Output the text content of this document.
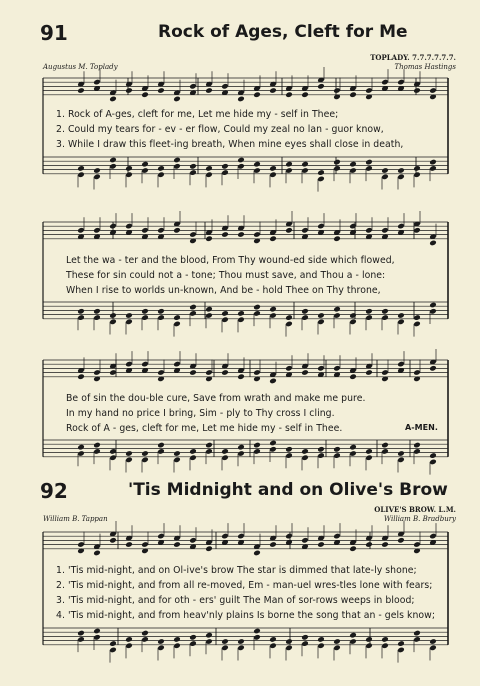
91	Rock of Ages, Cleft for Me
TOPLADY. 7.7.7.7.7.7.
Augustus M. Toplady	Thomas Hastings
1. Rock of A-ges, cleft for me, Let me hide my - self in Thee;
2. Could my tears for - ev - er flow, Could my zeal no lan - guor know,
3. While I draw this fleet-ing breath, When mine eyes shall close in death,
Let the wa - ter and the blood, From Thy wound-ed side which flowed,
These for sin could not a - tone; Thou must save, and Thou a - lone:
When I rise to worlds un-known, And be - hold Thee on Thy throne,
Be of sin the dou-ble cure, Save from wrath and make me pure.
In my hand no price I bring, Sim - ply to Thy cross I cling.
Rock of A - ges, cleft for me, Let me hide my - self in Thee.	A-MEN.
92	'Tis Midnight and on Olive's Brow
OLIVE'S BROW. L.M.
William B. Tappan	William B. Bradbury
1. 'Tis mid-night, and on Ol-ive's brow The star is dimmed that late-ly shone;
2. 'Tis mid-night, and from all re-moved, Em - man-uel wres-tles lone with fears;
3. 'Tis mid-night, and for oth - ers' guilt The Man of sor-rows weeps in blood;
4. 'Tis mid-night, and from heav'nly plains Is borne the song that an - gels know;
